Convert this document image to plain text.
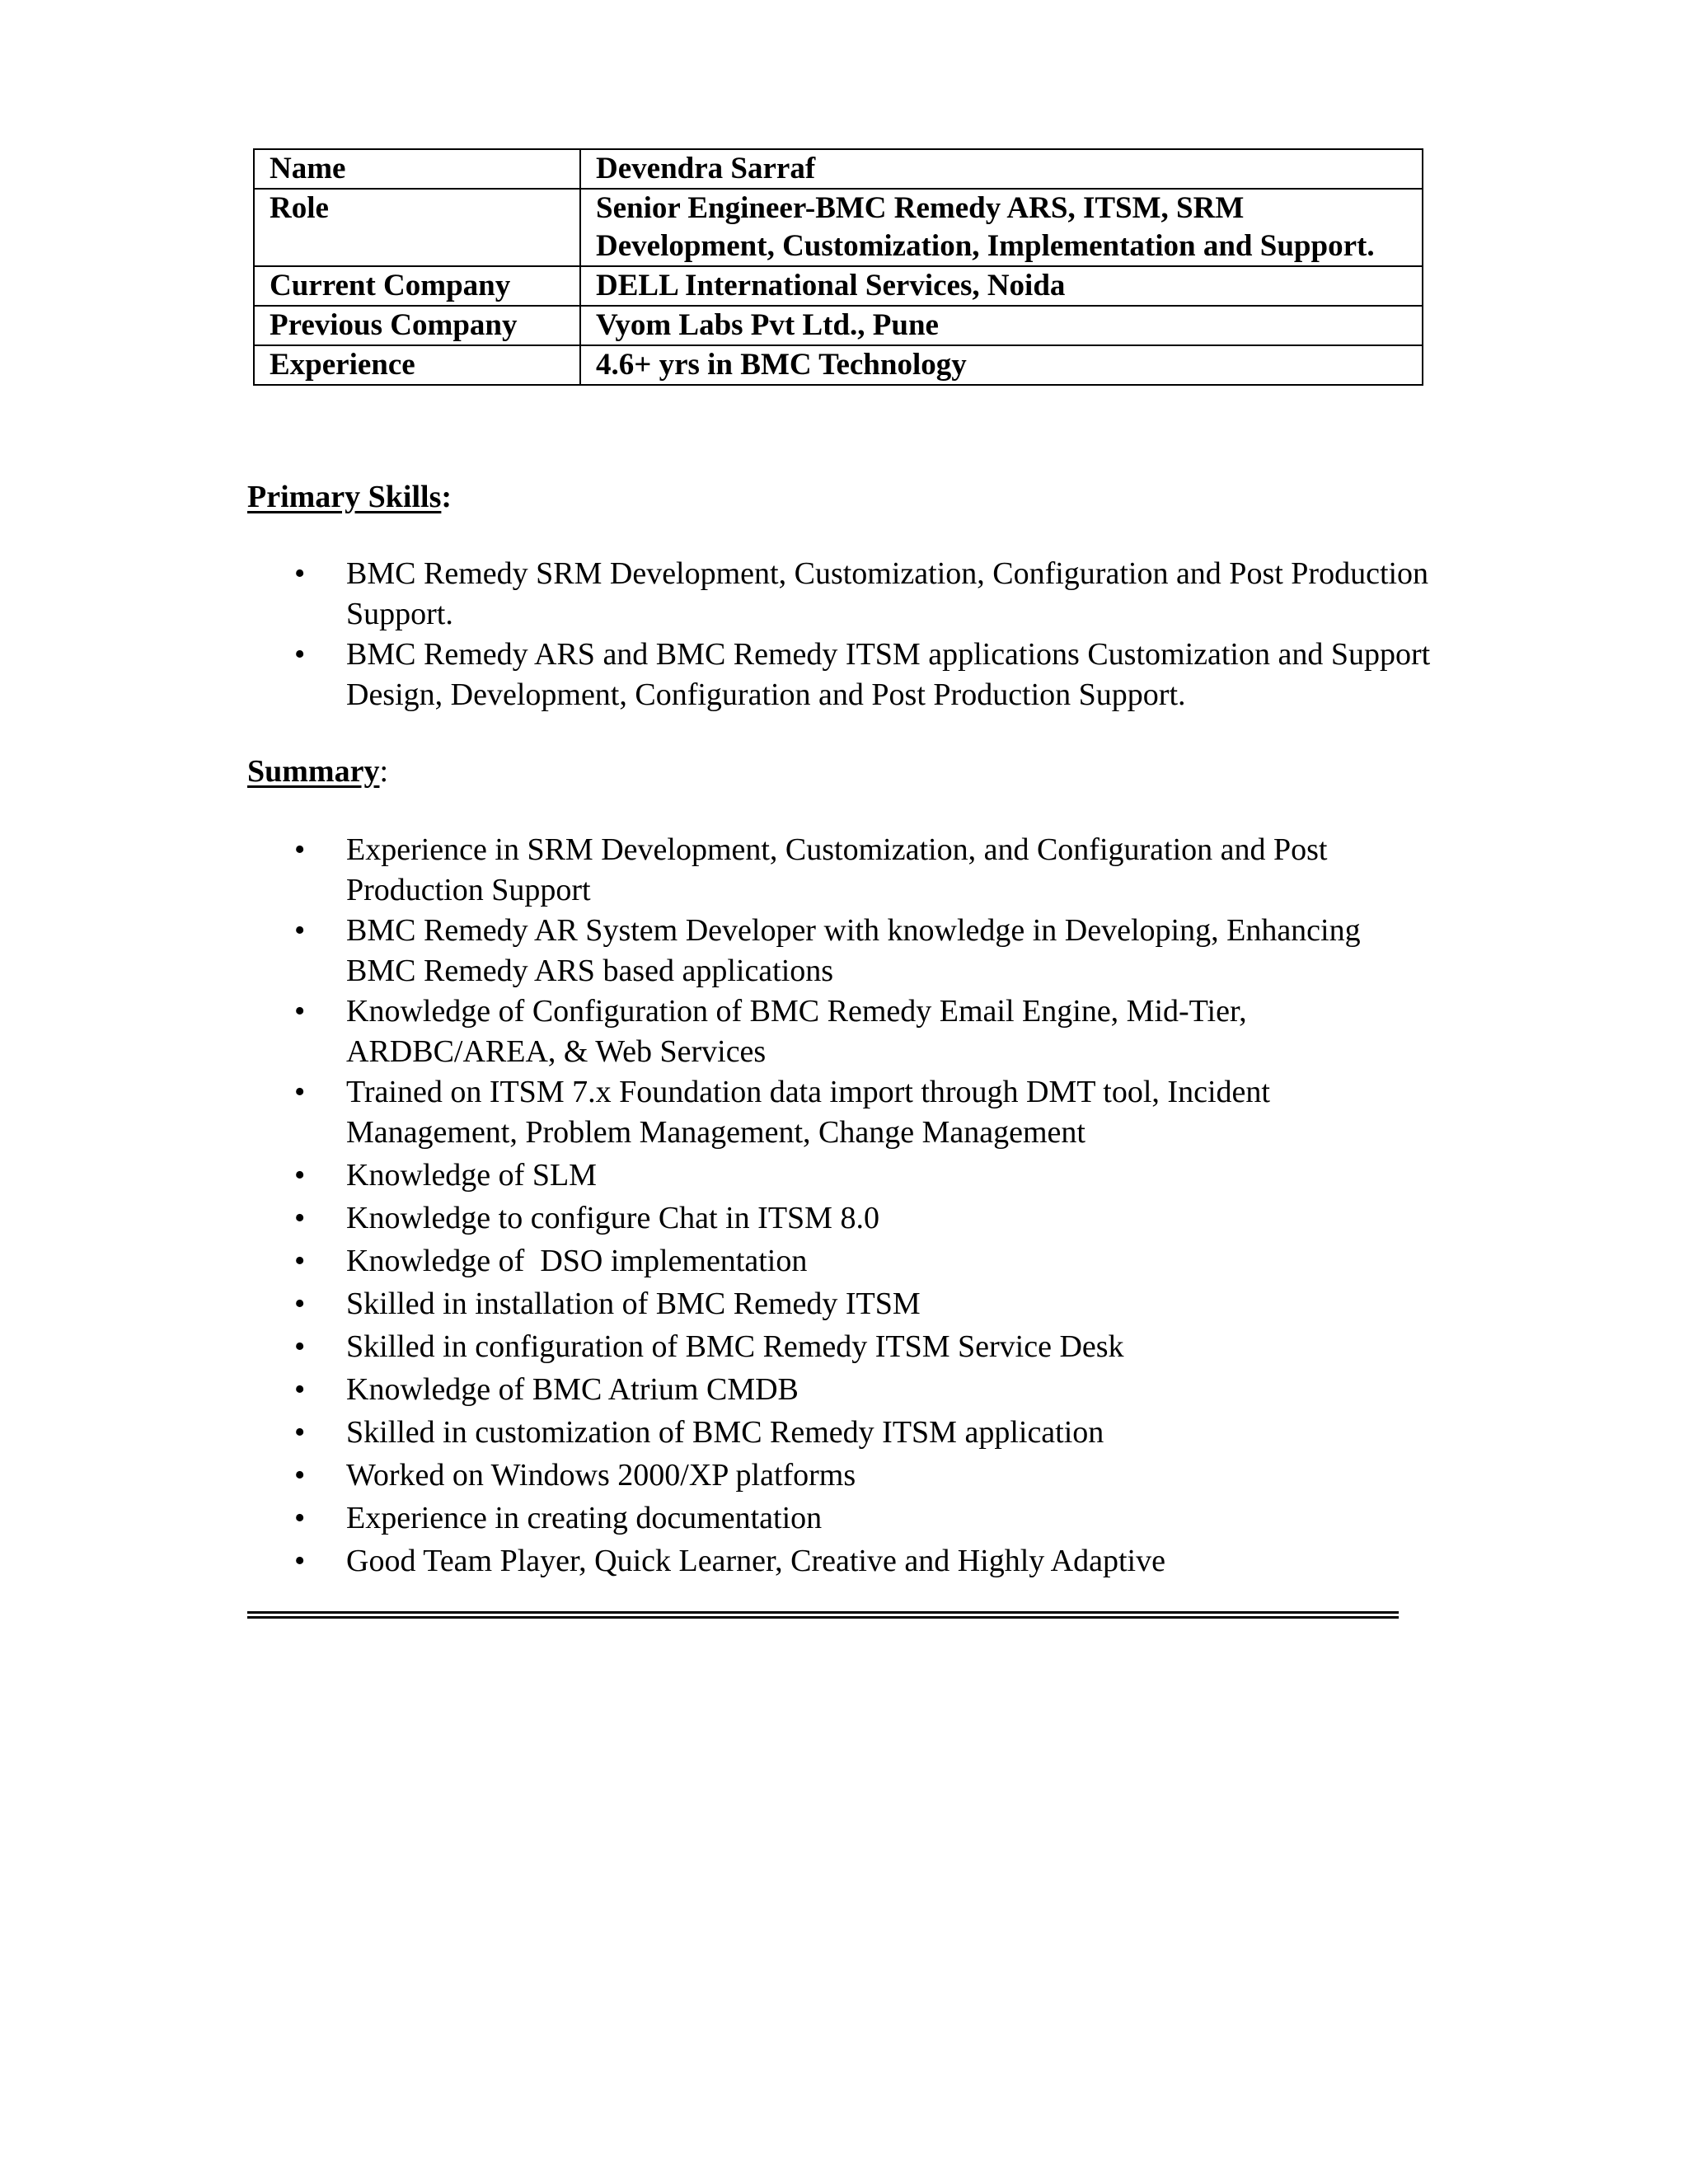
Name	Devendra Sarraf
Role	Senior Engineer-BMC Remedy ARS, ITSM, SRM Development, Customization, Implementation and Support.
Current Company	DELL International Services, Noida
Previous Company	Vyom Labs Pvt Ltd., Pune
Experience	4.6+ yrs in BMC Technology
Primary Skills:
• BMC Remedy SRM Development, Customization, Configuration and Post Production Support.
• BMC Remedy ARS and BMC Remedy ITSM applications Customization and Support Design, Development, Configuration and Post Production Support.
Summary:
• Experience in SRM Development, Customization, and Configuration and Post Production Support
• BMC Remedy AR System Developer with knowledge in Developing, Enhancing BMC Remedy ARS based applications
• Knowledge of Configuration of BMC Remedy Email Engine, Mid-Tier, ARDBC/AREA, & Web Services
• Trained on ITSM 7.x Foundation data import through DMT tool, Incident Management, Problem Management, Change Management
• Knowledge of SLM
• Knowledge to configure Chat in ITSM 8.0
• Knowledge of  DSO implementation
• Skilled in installation of BMC Remedy ITSM
• Skilled in configuration of BMC Remedy ITSM Service Desk
• Knowledge of BMC Atrium CMDB
• Skilled in customization of BMC Remedy ITSM application
• Worked on Windows 2000/XP platforms
• Experience in creating documentation
• Good Team Player, Quick Learner, Creative and Highly Adaptive
